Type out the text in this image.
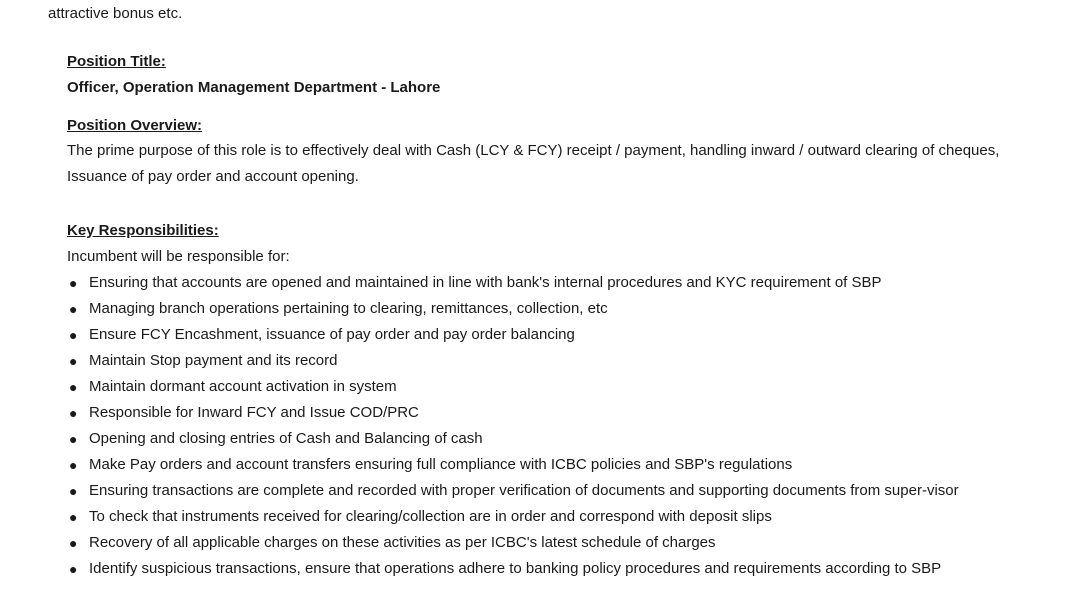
attractive bonus etc.
Position Title:
Officer, Operation Management Department - Lahore
Position Overview:
The prime purpose of this role is to effectively deal with Cash (LCY & FCY) receipt / payment, handling inward / outward clearing of cheques, Issuance of pay order and account opening.
Key Responsibilities:
Incumbent will be responsible for:
● Ensuring that accounts are opened and maintained in line with bank's internal procedures and KYC requirement of SBP
● Managing branch operations pertaining to clearing, remittances, collection, etc
● Ensure FCY Encashment, issuance of pay order and pay order balancing
● Maintain Stop payment and its record
● Maintain dormant account activation in system
● Responsible for Inward FCY and Issue COD/PRC
● Opening and closing entries of Cash and Balancing of cash
● Make Pay orders and account transfers ensuring full compliance with ICBC policies and SBP's regulations
● Ensuring transactions are complete and recorded with proper verification of documents and supporting documents from super-visor
● To check that instruments received for clearing/collection are in order and correspond with deposit slips
● Recovery of all applicable charges on these activities as per ICBC's latest schedule of charges
● Identify suspicious transactions, ensure that operations adhere to banking policy procedures and requirements according to SBP
